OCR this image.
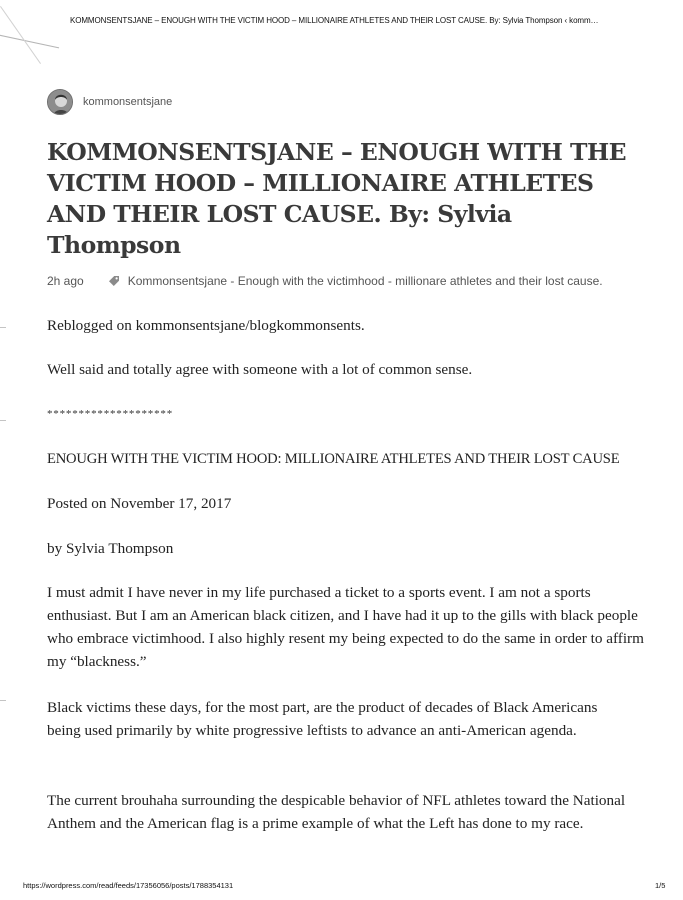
KOMMONSENTSJANE – ENOUGH WITH THE VICTIM HOOD – MILLIONAIRE ATHLETES AND THEIR LOST CAUSE. By: Sylvia Thompson ‹ komm…
kommonsentsjane
KOMMONSENTSJANE – ENOUGH WITH THE VICTIM HOOD – MILLIONAIRE ATHLETES AND THEIR LOST CAUSE. By: Sylvia Thompson
2h ago	Kommonsentsjane - Enough with the victimhood - millionare athletes and their lost cause.

Reblogged on kommonsentsjane/blogkommonsents.

Well said and totally agree with someone with a lot of common sense.

********************

ENOUGH WITH THE VICTIM HOOD: MILLIONAIRE ATHLETES AND THEIR LOST CAUSE

Posted on November 17, 2017

by Sylvia Thompson

I must admit I have never in my life purchased a ticket to a sports event. I am not a sports enthusiast. But I am an American black citizen, and I have had it up to the gills with black people who embrace victimhood. I also highly resent my being expected to do the same in order to affirm my “blackness.”

Black victims these days, for the most part, are the product of decades of Black Americans being used primarily by white progressive leftists to advance an anti-American agenda.

The current brouhaha surrounding the despicable behavior of NFL athletes toward the National Anthem and the American flag is a prime example of what the Left has done to my race.

https://wordpress.com/read/feeds/17356056/posts/1788354131	1/5
